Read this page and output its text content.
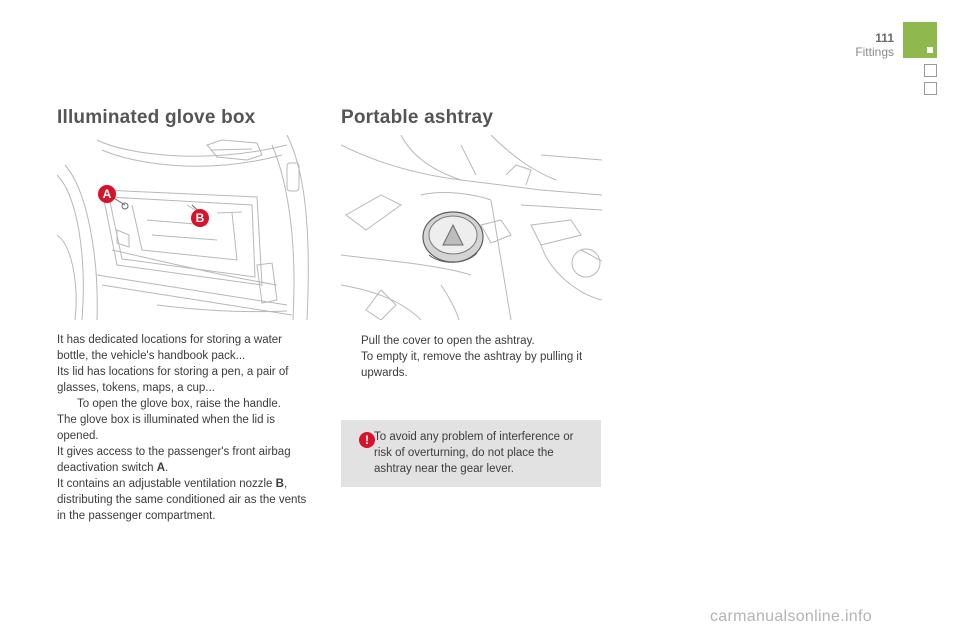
111
Fittings
Illuminated glove box
A
B

It has dedicated locations for storing a water bottle, the vehicle's handbook pack...

Its lid has locations for storing a pen, a pair of glasses, tokens, maps, a cup...

To open the glove box, raise the handle.

The glove box is illuminated when the lid is opened.

It gives access to the passenger's front airbag deactivation switch A.

It contains an adjustable ventilation nozzle B, distributing the same conditioned air as the vents in the passenger compartment.

Portable ashtray
Pull the cover to open the ashtray.
To empty it, remove the ashtray by pulling it upwards.
! To avoid any problem of interference or risk of overturning, do not place the ashtray near the gear lever.
carmanualsonline.info
